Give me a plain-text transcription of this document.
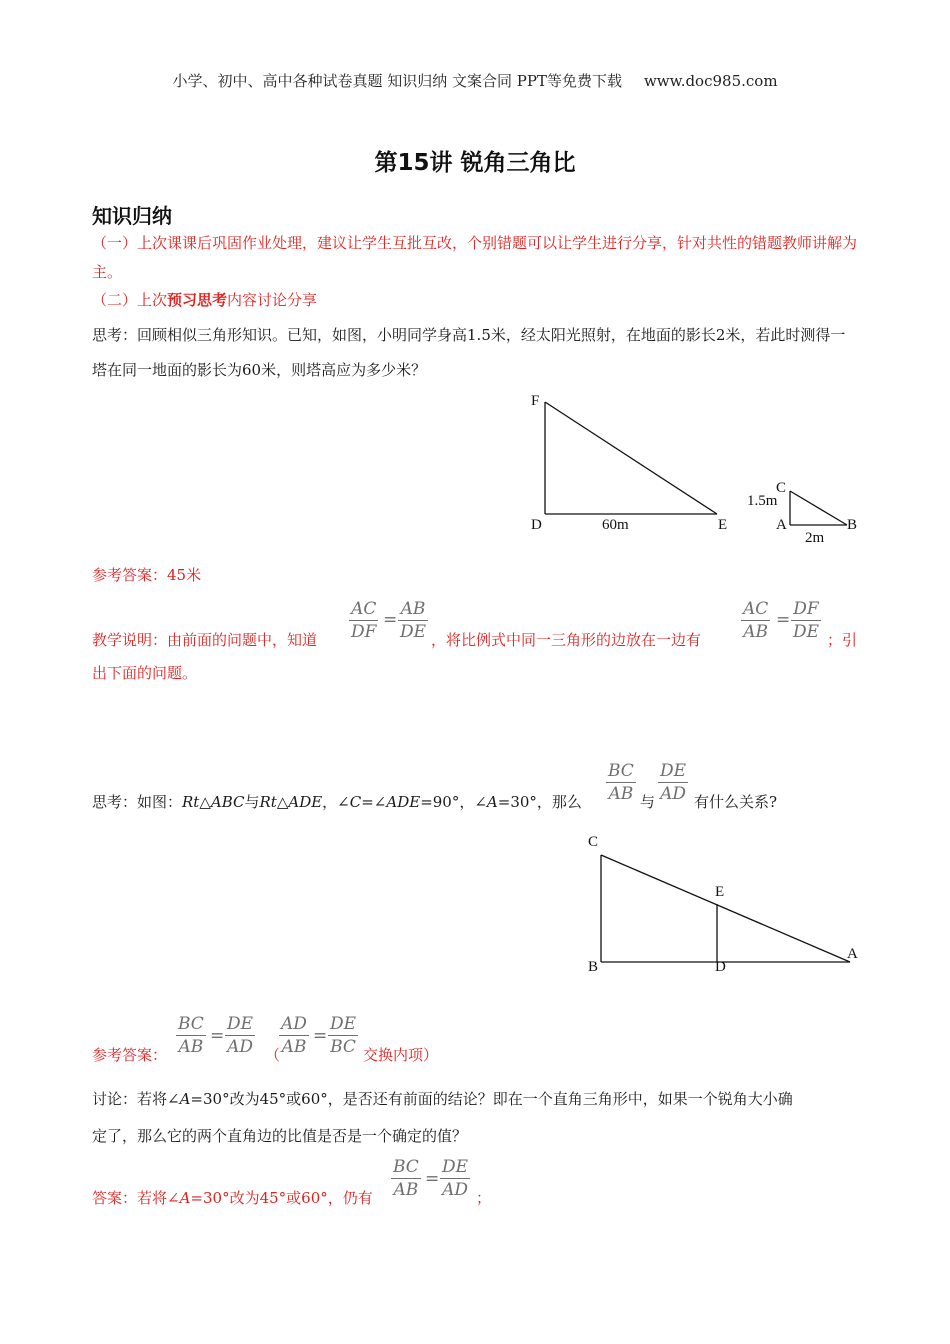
小学、初中、高中各种试卷真题 知识归纳 文案合同 PPT等免费下载 www.doc985.com
第15讲 锐角三角比
知识归纳
（一）上次课课后巩固作业处理，建议让学生互批互改，个别错题可以让学生进行分享，针对共性的错题教师讲解为主。
（二）上次预习思考内容讨论分享
思考：回顾相似三角形知识。已知，如图，小明同学身高1.5米，经太阳光照射，在地面的影长2米，若此时测得一塔在同一地面的影长为60米，则塔高应为多少米？
F
D	E
60m
C
1.5m
A	B
2m
参考答案：45米
教学说明：由前面的问题中，知道
AC
DF
=
AB
DE ，将比例式中同一三角形的边放在一边有
AC
AB
=
DF
DE ；引
出下面的问题。
思考：如图：Rt△ABC与Rt△ADE，∠C=∠ADE=90°，∠A=30°，那么
BC
AB 与
DE
AD 有什么关系?
C
E
B	D
A
参考答案：
BC
AB
=
DE
AD （
AD
AB
=
DE
BC 交换内项）
讨论：若将∠A=30°改为45°或60°，是否还有前面的结论？即在一个直角三角形中，如果一个锐角大小确
定了，那么它的两个直角边的比值是否是一个确定的值？
答案：若将∠A=30°改为45°或60°，仍有
BC
AB
=
DE
AD ；
